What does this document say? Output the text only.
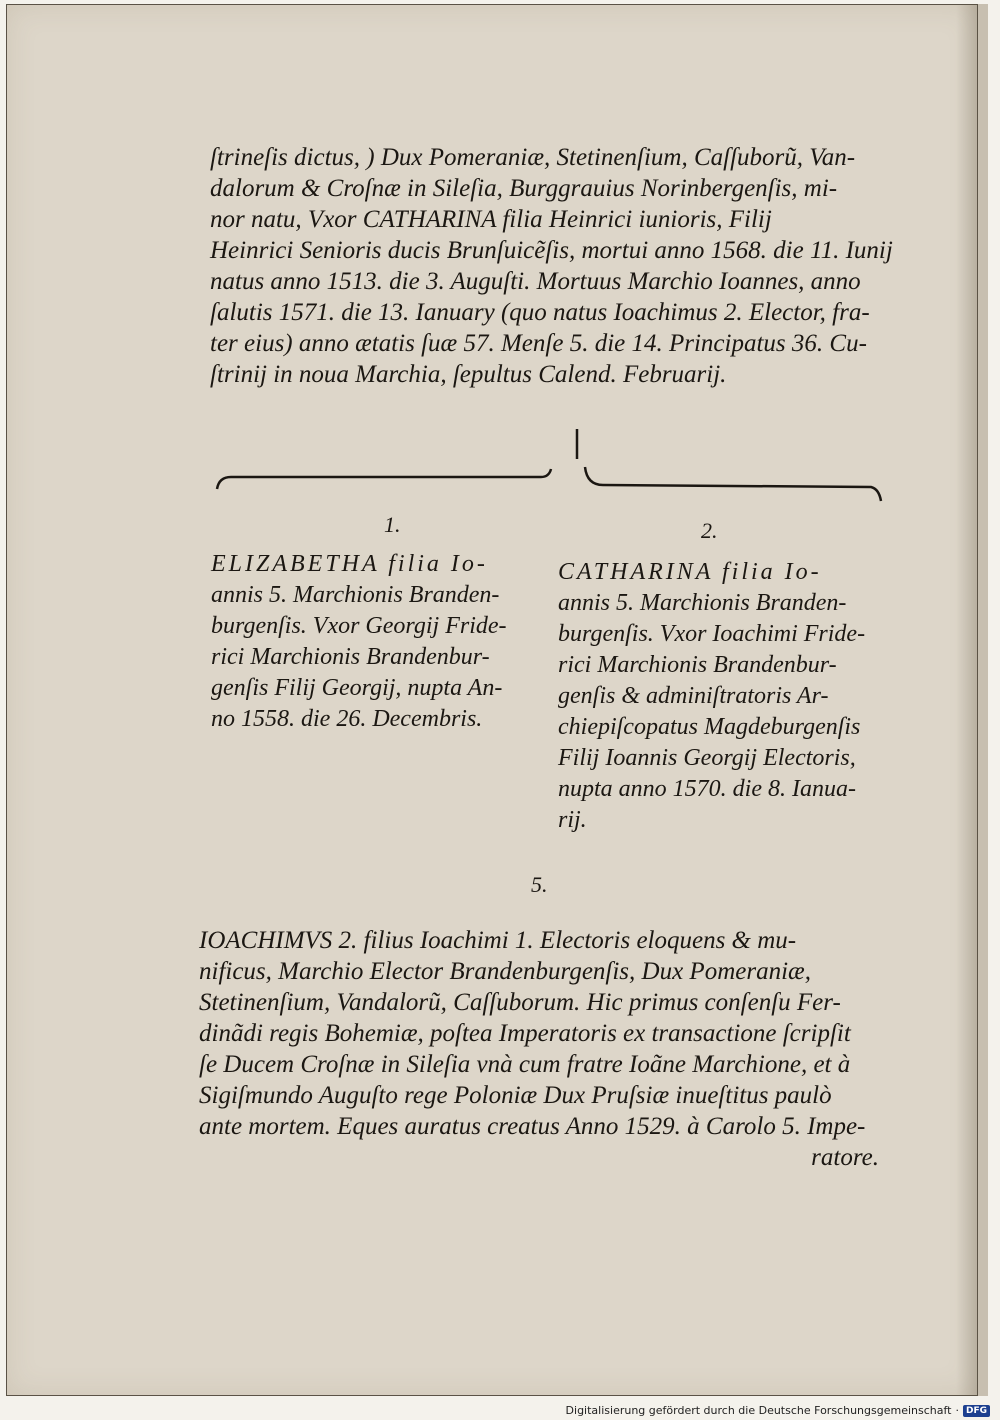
ſtrineſis dictus, ) Dux Pomeraniæ, Stetinenſium, Caſſuborũ, Van-
dalorum & Croſnæ in Sileſia, Burggrauius Norinbergenſis, mi-
nor natu, Vxor CATHARINA filia Heinrici iunioris, Filij
Heinrici Senioris ducis Brunſuicẽſis, mortui anno 1568. die 11. Iunij
natus anno 1513. die 3. Auguſti. Mortuus Marchio Ioannes, anno
ſalutis 1571. die 13. Ianuary (quo natus Ioachimus 2. Elector, fra-
ter eius) anno ætatis ſuæ 57. Menſe 5. die 14. Principatus 36. Cu-
ſtrinij in noua Marchia, ſepultus Calend. Februarij.
1.	2.
ELIZABETHA filia Io-
annis 5. Marchionis Branden-
burgenſis. Vxor Georgij Fride-
rici Marchionis Brandenbur-
genſis Filij Georgij, nupta An-
no 1558. die 26. Decembris.
CATHARINA filia Io-
annis 5. Marchionis Branden-
burgenſis. Vxor Ioachimi Fride-
rici Marchionis Brandenbur-
genſis & adminiſtratoris Ar-
chiepiſcopatus Magdeburgenſis
Filij Ioannis Georgij Electoris,
nupta anno 1570. die 8. Ianua-
rij.
5.
IOACHIMVS 2. filius Ioachimi 1. Electoris eloquens & mu-
nificus, Marchio Elector Brandenburgenſis, Dux Pomeraniæ,
Stetinenſium, Vandalorũ, Caſſuborum. Hic primus conſenſu Fer-
dinãdi regis Bohemiæ, poſtea Imperatoris ex transactione ſcripſit
ſe Ducem Croſnæ in Sileſia vnà cum fratre Ioãne Marchione, et à
Sigiſmundo Auguſto rege Poloniæ Dux Pruſsiæ inueſtitus paulò
ante mortem. Eques auratus creatus Anno 1529. à Carolo 5. Impe-
ratore.
Digitalisierung gefördert durch die Deutsche Forschungsgemeinschaft · DFG
